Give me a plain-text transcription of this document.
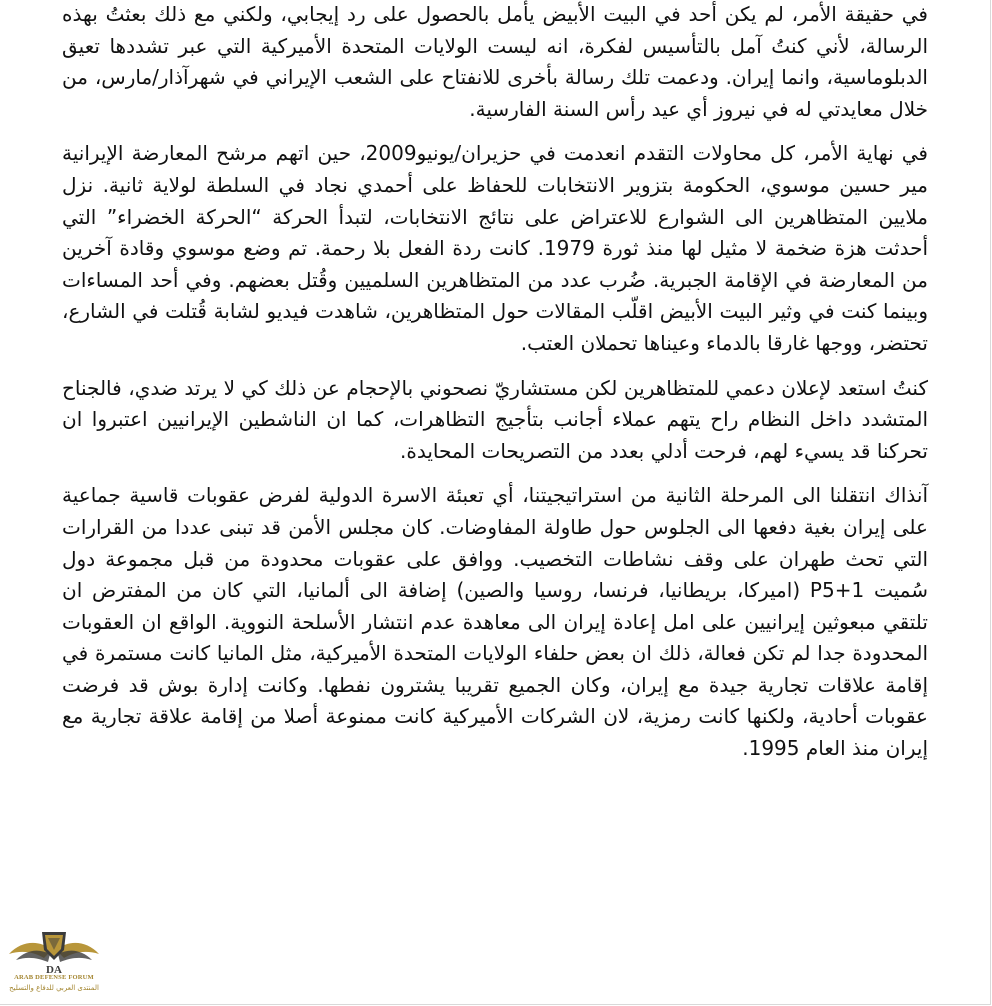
في حقيقة الأمر، لم يكن أحد في البيت الأبيض يأمل بالحصول على رد إيجابي، ولكني مع ذلك بعثتُ بهذه الرسالة، لأني كنتُ آمل بالتأسيس لفكرة، انه ليست الولايات المتحدة الأميركية التي عبر تشددها تعيق الدبلوماسية، وانما إيران. ودعمت تلك رسالة بأخرى للانفتاح على الشعب الإيراني في شهرآذار/مارس، من خلال معايدتي له في نيروز أي عيد رأس السنة الفارسية.

في نهاية الأمر، كل محاولات التقدم انعدمت في حزيران/يونيو2009، حين اتهم مرشح المعارضة الإيرانية مير حسين موسوي، الحكومة بتزوير الانتخابات للحفاظ على أحمدي نجاد في السلطة لولاية ثانية. نزل ملايين المتظاهرين الى الشوارع للاعتراض على نتائج الانتخابات، لتبدأ الحركة “الحركة الخضراء” التي أحدثت هزة ضخمة لا مثيل لها منذ ثورة 1979. كانت ردة الفعل بلا رحمة. تم وضع موسوي وقادة آخرين من المعارضة في الإقامة الجبرية. ضُرب عدد من المتظاهرين السلميين وقُتل بعضهم. وفي أحد المساءات وبينما كنت في وثير البيت الأبيض اقلّب المقالات حول المتظاهرين، شاهدت فيديو لشابة قُتلت في الشارع، تحتضر، ووجها غارقا بالدماء وعيناها تحملان العتب.

كنتُ استعد لإعلان دعمي للمتظاهرين لكن مستشاريّ نصحوني بالإحجام عن ذلك كي لا يرتد ضدي، فالجناح المتشدد داخل النظام راح يتهم عملاء أجانب بتأجيج التظاهرات، كما ان الناشطين الإيرانيين اعتبروا ان تحركنا قد يسيء لهم، فرحت أدلي بعدد من التصريحات المحايدة.

آنذاك انتقلنا الى المرحلة الثانية من استراتيجيتنا، أي تعبئة الاسرة الدولية لفرض عقوبات قاسية جماعية على إيران بغية دفعها الى الجلوس حول طاولة المفاوضات. كان مجلس الأمن قد تبنى عددا من القرارات التي تحث طهران على وقف نشاطات التخصيب. ووافق على عقوبات محدودة من قبل مجموعة دول سُميت P5+1 (اميركا، بريطانيا، فرنسا، روسيا والصين) إضافة الى ألمانيا، التي كان من المفترض ان تلتقي مبعوثين إيرانيين على امل إعادة إيران الى معاهدة عدم انتشار الأسلحة النووية. الواقع ان العقوبات المحدودة جدا لم تكن فعالة، ذلك ان بعض حلفاء الولايات المتحدة الأميركية، مثل المانيا كانت مستمرة في إقامة علاقات تجارية جيدة مع إيران، وكان الجميع تقريبا يشترون نفطها. وكانت إدارة بوش قد فرضت عقوبات أحادية، ولكنها كانت رمزية، لان الشركات الأميركية كانت ممنوعة أصلا من إقامة علاقة تجارية مع إيران منذ العام 1995.

DA
ARAB DEFENSE FORUM
المنتدى العربي للدفاع والتسليح
